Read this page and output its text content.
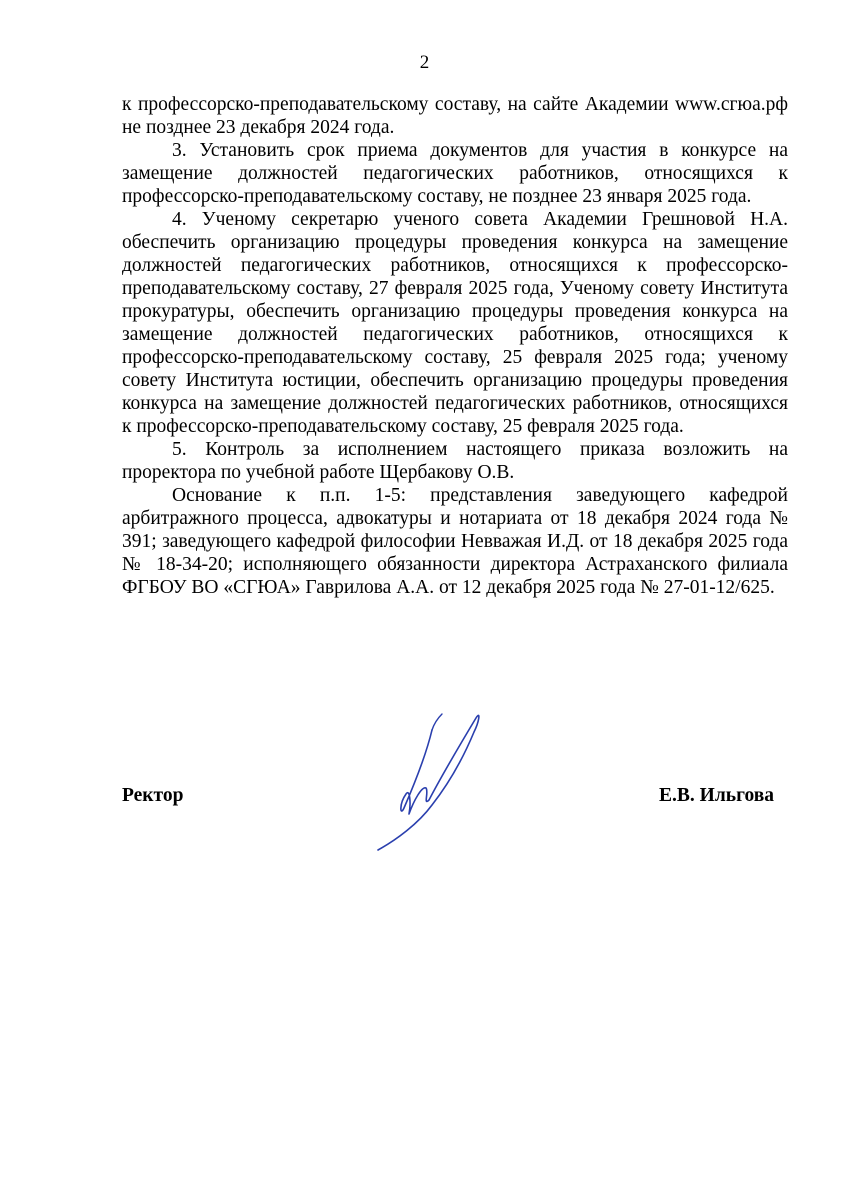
2

к профессорско-преподавательскому составу, на сайте Академии www.сгюа.рф не позднее 23 декабря 2024 года.

3. Установить срок приема документов для участия в конкурсе на замещение должностей педагогических работников, относящихся к профессорско-преподавательскому составу, не позднее 23 января 2025 года.

4. Ученому секретарю ученого совета Академии Грешновой Н.А. обеспечить организацию процедуры проведения конкурса на замещение должностей педагогических работников, относящихся к профессорско-преподавательскому составу, 27 февраля 2025 года, Ученому совету Института прокуратуры, обеспечить организацию процедуры проведения конкурса на замещение должностей педагогических работников, относящихся к профессорско-преподавательскому составу, 25 февраля 2025 года; ученому совету Института юстиции, обеспечить организацию процедуры проведения конкурса на замещение должностей педагогических работников, относящихся к профессорско-преподавательскому составу, 25 февраля 2025 года.

5. Контроль за исполнением настоящего приказа возложить на проректора по учебной работе Щербакову О.В.

Основание к п.п. 1-5: представления заведующего кафедрой арбитражного процесса, адвокатуры и нотариата от 18 декабря 2024 года № 391; заведующего кафедрой философии Невважая И.Д. от 18 декабря 2025 года № 18-34-20; исполняющего обязанности директора Астраханского филиала ФГБОУ ВО «СГЮА» Гаврилова А.А. от 12 декабря 2025 года № 27-01-12/625.

Ректор	Е.В. Ильгова
